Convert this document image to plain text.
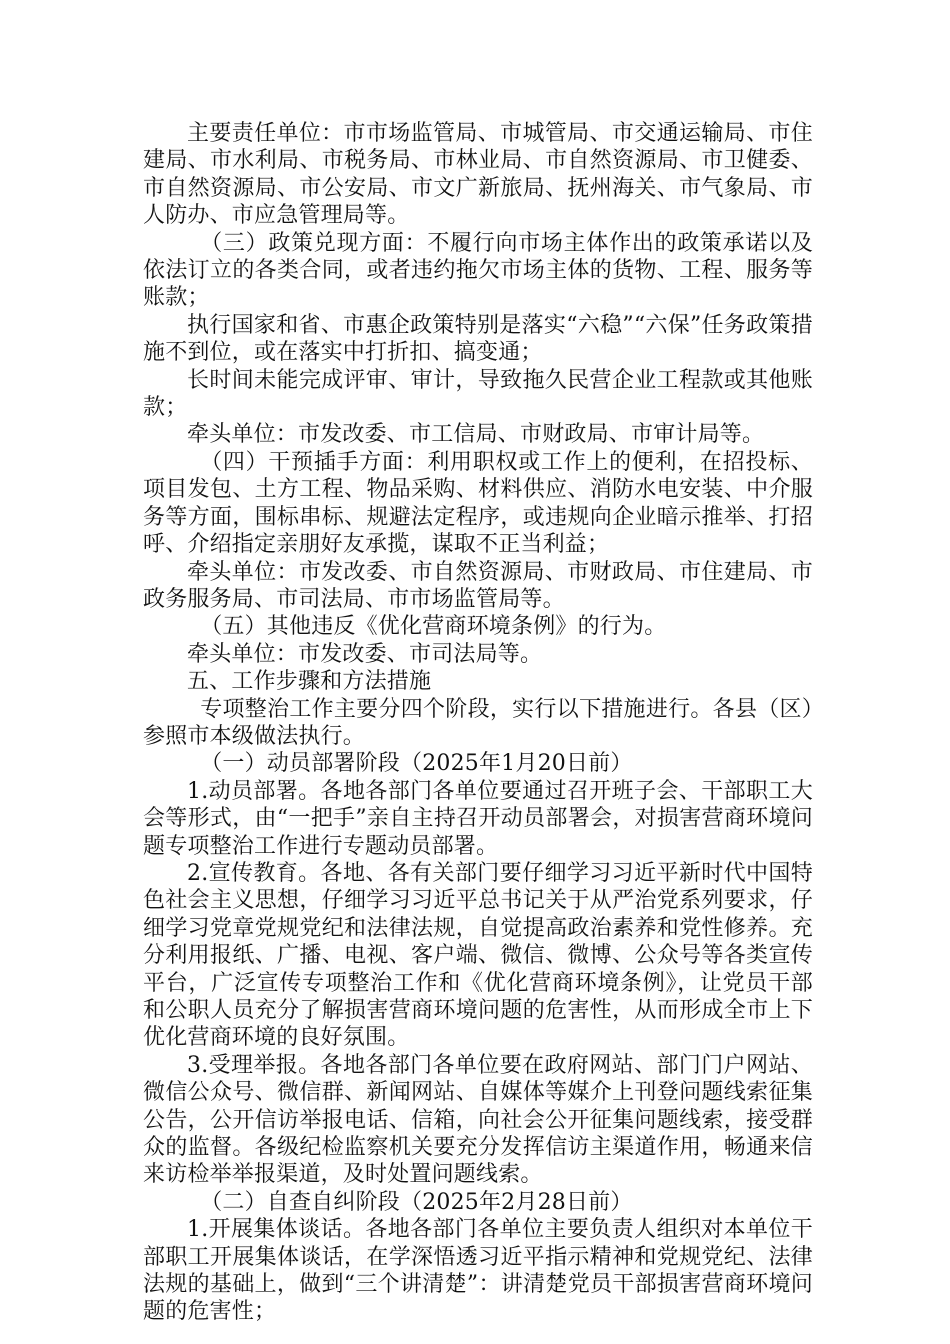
主要责任单位：市市场监管局、市城管局、市交通运输局、市住建局、市水利局、市税务局、市林业局、市自然资源局、市卫健委、市自然资源局、市公安局、市文广新旅局、抚州海关、市气象局、市人防办、市应急管理局等。

（三）政策兑现方面：不履行向市场主体作出的政策承诺以及依法订立的各类合同，或者违约拖欠市场主体的货物、工程、服务等账款；

执行国家和省、市惠企政策特别是落实“六稳”“六保”任务政策措施不到位，或在落实中打折扣、搞变通；

长时间未能完成评审、审计，导致拖久民营企业工程款或其他账款；

牵头单位：市发改委、市工信局、市财政局、市审计局等。

（四）干预插手方面：利用职权或工作上的便利，在招投标、项目发包、土方工程、物品采购、材料供应、消防水电安装、中介服务等方面，围标串标、规避法定程序，或违规向企业暗示推举、打招呼、介绍指定亲朋好友承揽，谋取不正当利益；

牵头单位：市发改委、市自然资源局、市财政局、市住建局、市政务服务局、市司法局、市市场监管局等。

（五）其他违反《优化营商环境条例》的行为。

牵头单位：市发改委、市司法局等。

五、工作步骤和方法措施

专项整治工作主要分四个阶段，实行以下措施进行。各县（区）参照市本级做法执行。

（一）动员部署阶段（2025年1月20日前）

1.动员部署。各地各部门各单位要通过召开班子会、干部职工大会等形式，由“一把手”亲自主持召开动员部署会，对损害营商环境问题专项整治工作进行专题动员部署。

2.宣传教育。各地、各有关部门要仔细学习习近平新时代中国特色社会主义思想，仔细学习习近平总书记关于从严治党系列要求，仔细学习党章党规党纪和法律法规，自觉提高政治素养和党性修养。充分利用报纸、广播、电视、客户端、微信、微博、公众号等各类宣传平台，广泛宣传专项整治工作和《优化营商环境条例》，让党员干部和公职人员充分了解损害营商环境问题的危害性，从而形成全市上下优化营商环境的良好氛围。

3.受理举报。各地各部门各单位要在政府网站、部门门户网站、微信公众号、微信群、新闻网站、自媒体等媒介上刊登问题线索征集公告，公开信访举报电话、信箱，向社会公开征集问题线索，接受群众的监督。各级纪检监察机关要充分发挥信访主渠道作用，畅通来信来访检举举报渠道，及时处置问题线索。

（二）自查自纠阶段（2025年2月28日前）

1.开展集体谈话。各地各部门各单位主要负责人组织对本单位干部职工开展集体谈话，在学深悟透习近平指示精神和党规党纪、法律法规的基础上，做到“三个讲清楚”：讲清楚党员干部损害营商环境问题的危害性；
